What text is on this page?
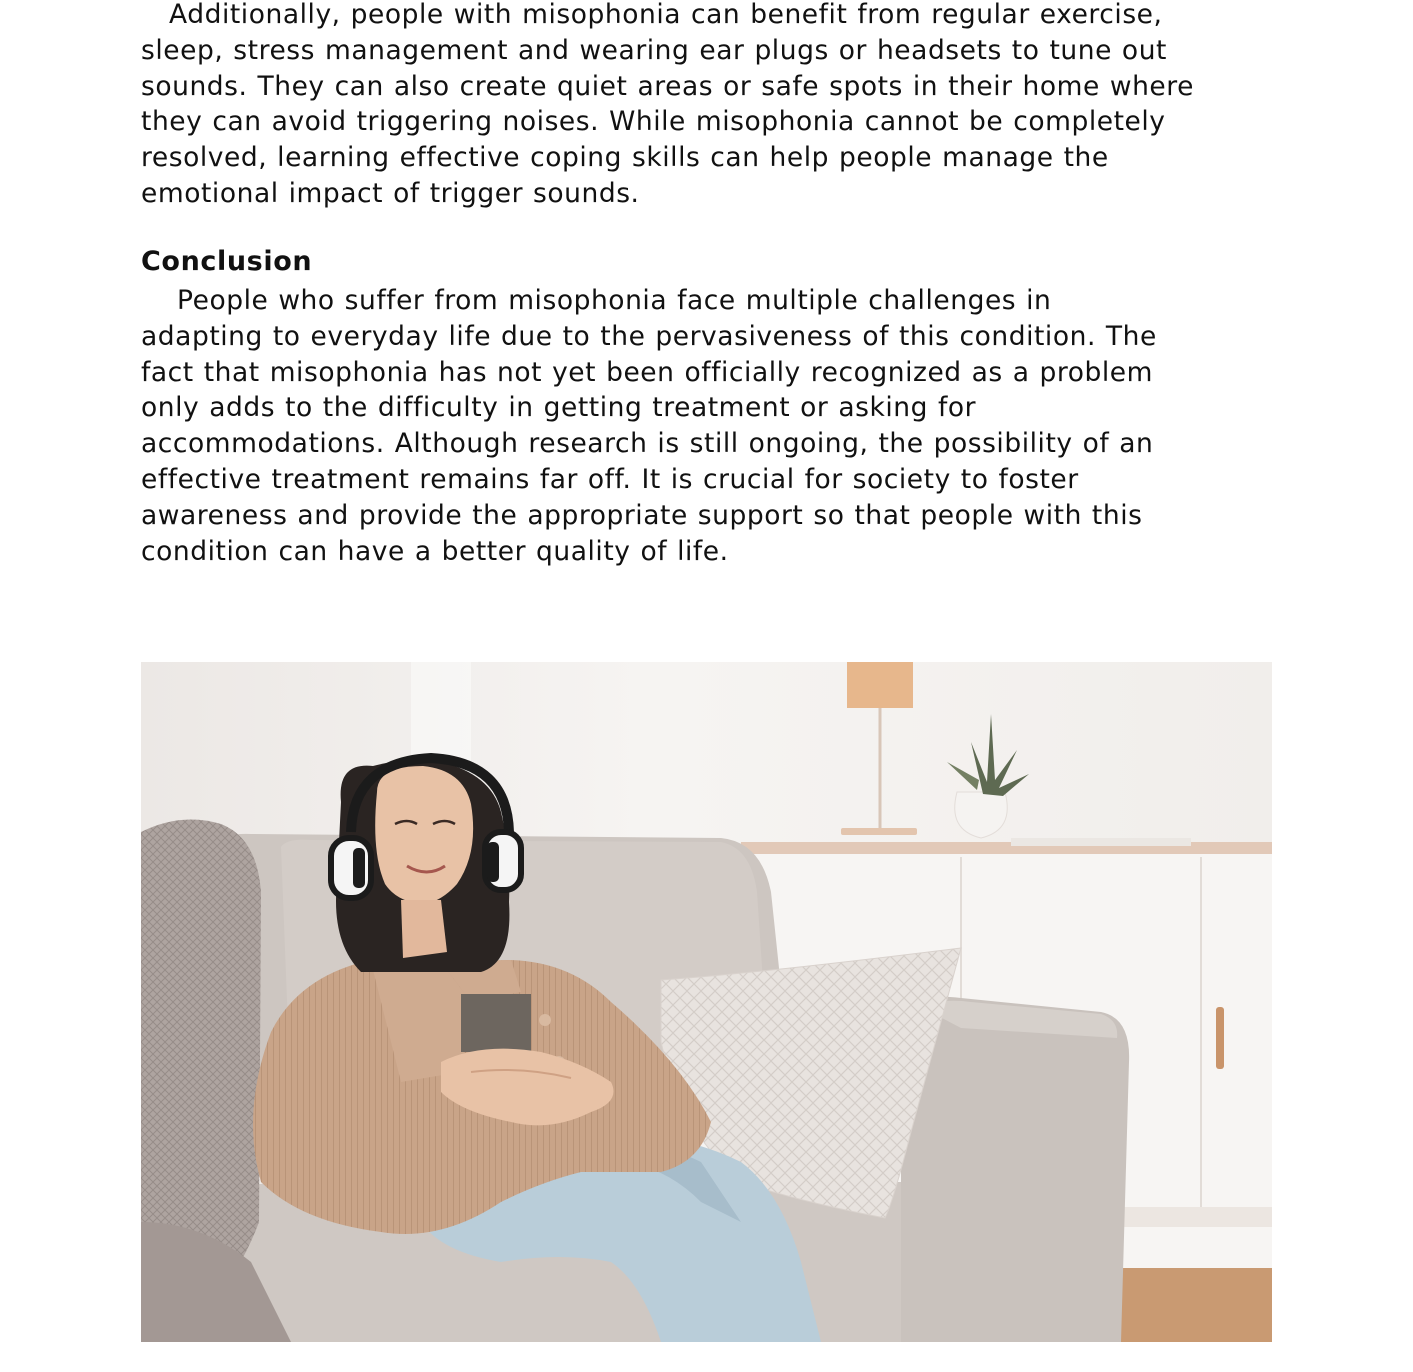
Additionally, people with misophonia can benefit from regular exercise,
sleep, stress management and wearing ear plugs or headsets to tune out
sounds. They can also create quiet areas or safe spots in their home where
they can avoid triggering noises. While misophonia cannot be completely
resolved, learning effective coping skills can help people manage the
emotional impact of trigger sounds.

Conclusion

People who suffer from misophonia face multiple challenges in
adapting to everyday life due to the pervasiveness of this condition. The
fact that misophonia has not yet been officially recognized as a problem
only adds to the difficulty in getting treatment or asking for
accommodations. Although research is still ongoing, the possibility of an
effective treatment remains far off. It is crucial for society to foster
awareness and provide the appropriate support so that people with this
condition can have a better quality of life.
